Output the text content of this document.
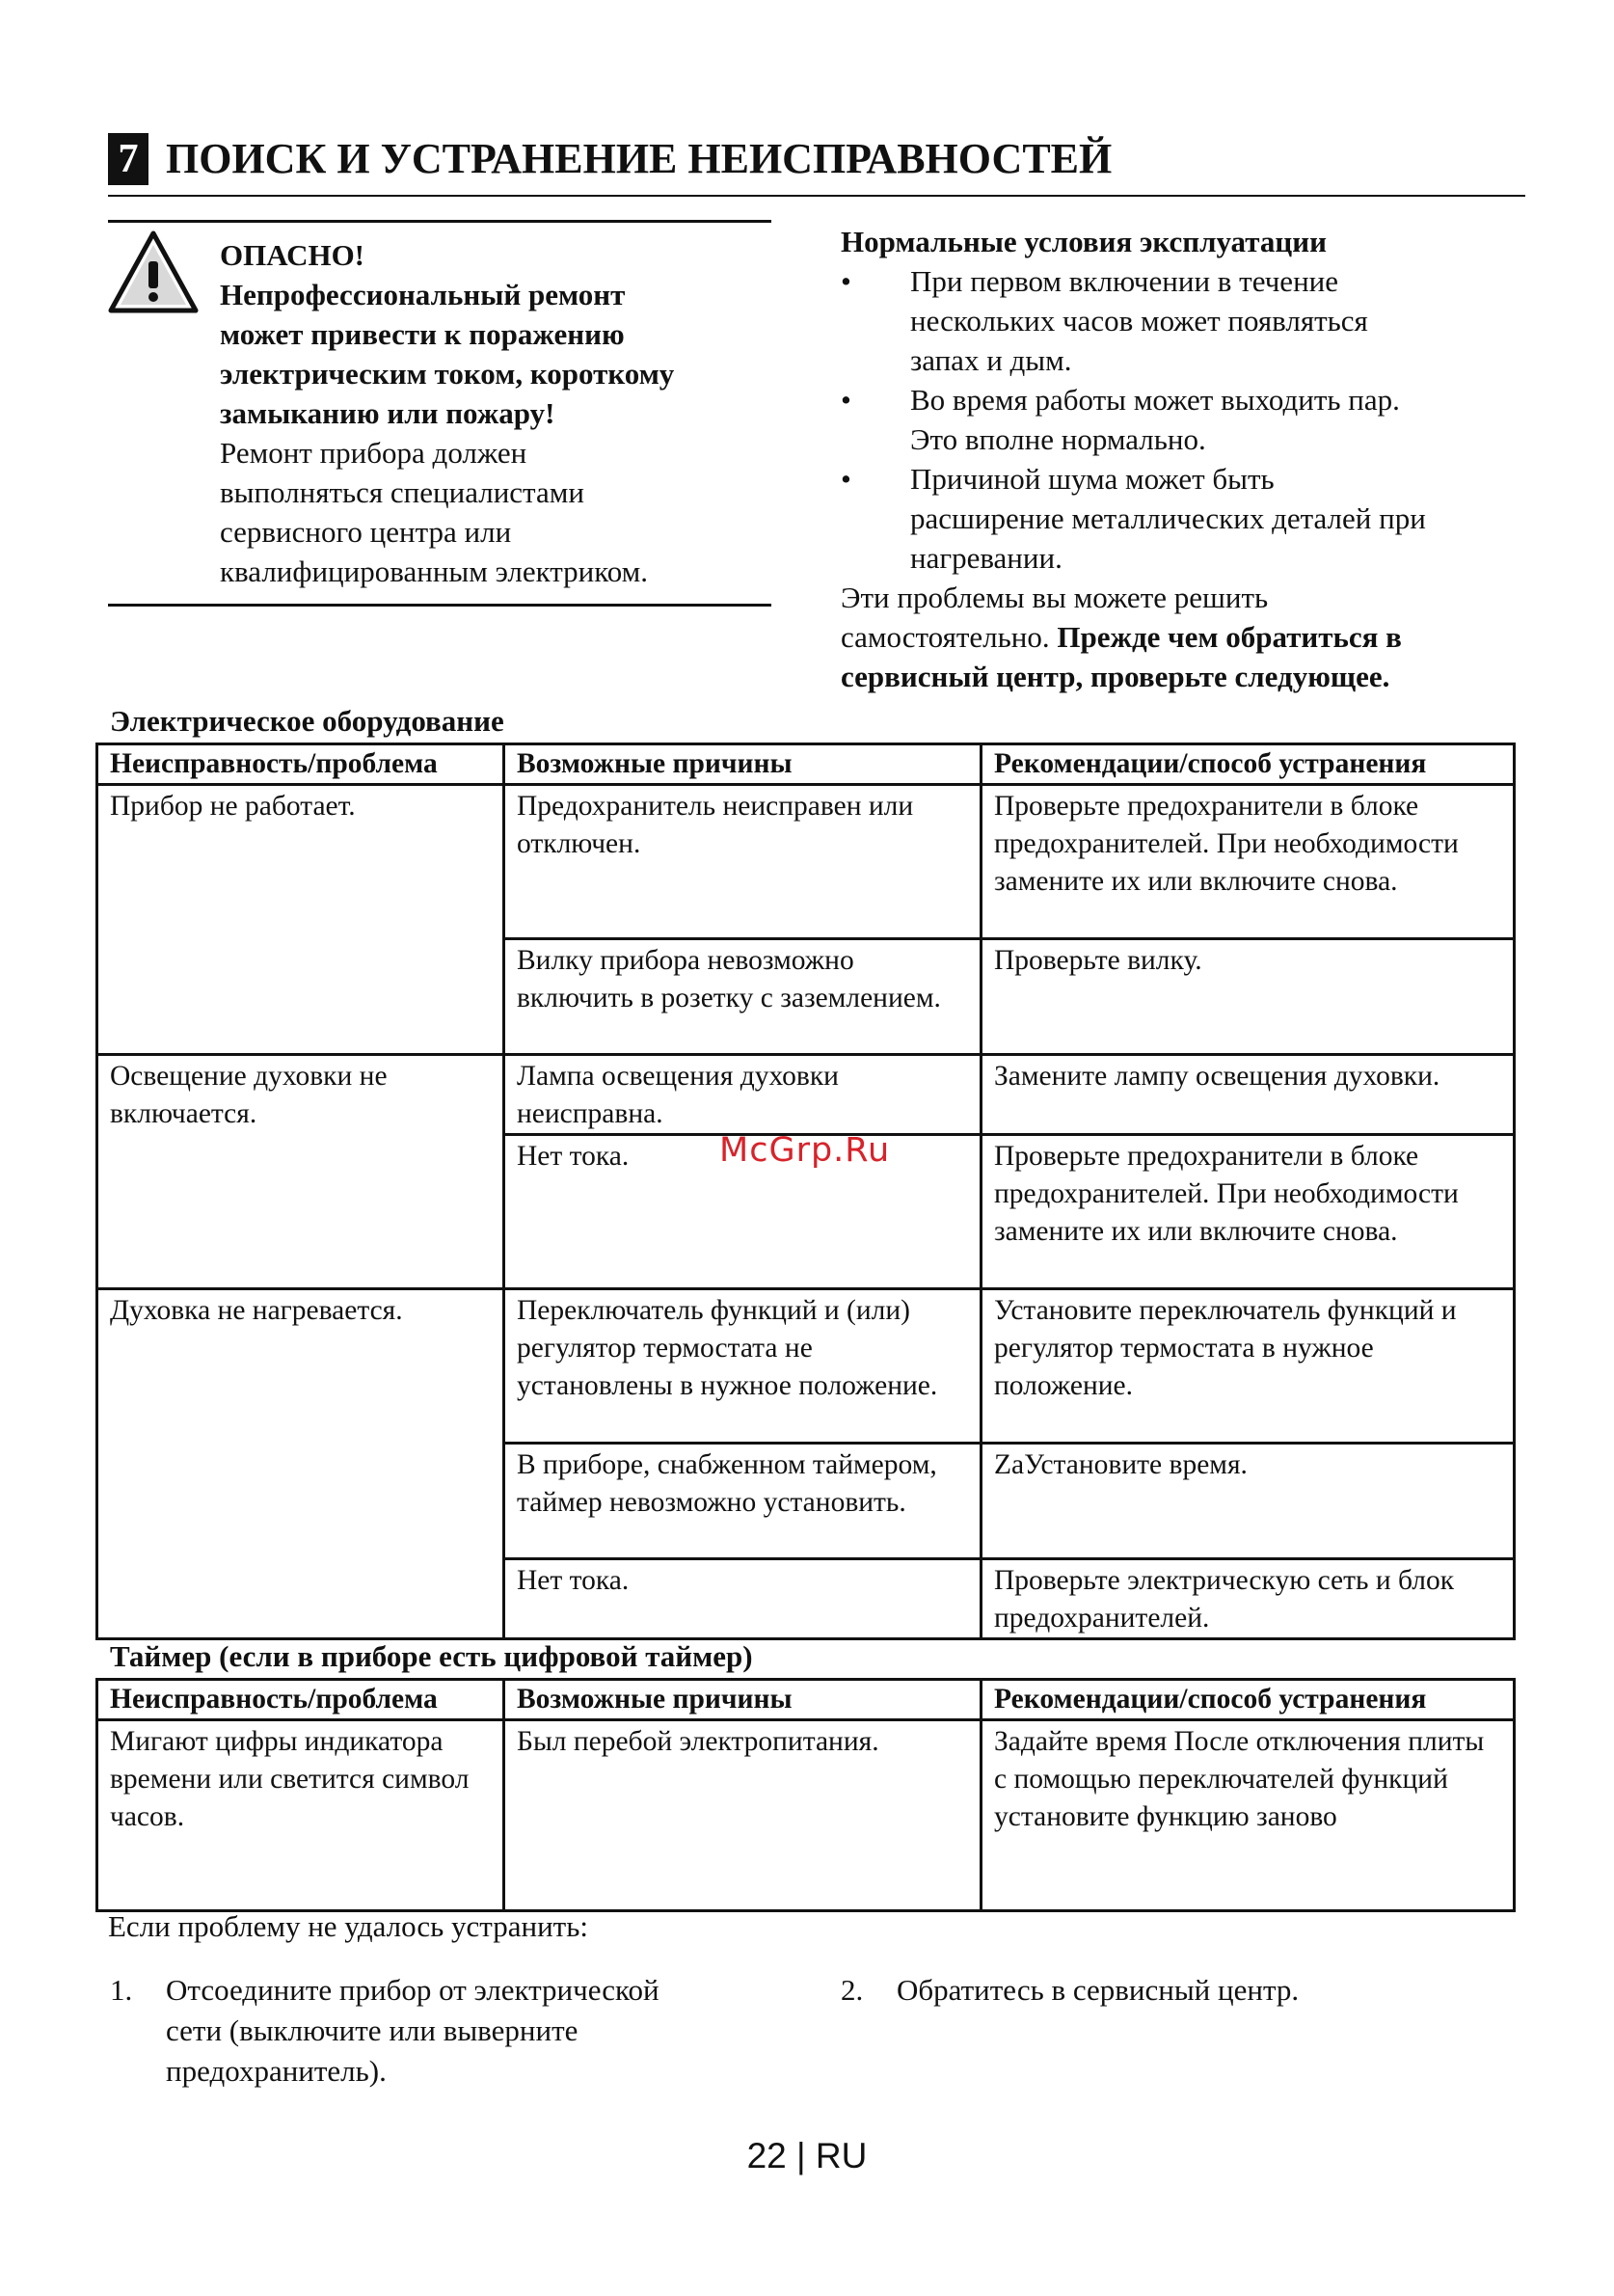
7 ПОИСК И УСТРАНЕНИЕ НЕИСПРАВНОСТЕЙ
ОПАСНО!
Непрофессиональный ремонт
может привести к поражению
электрическим током, короткому
замыканию или пожару!
Ремонт прибора должен
выполняться специалистами
сервисного центра или
квалифицированным электриком.
Нормальные условия эксплуатации
• При первом включении в течение
нескольких часов может появляться
запах и дым.
• Во время работы может выходить пар.
Это вполне нормально.
• Причиной шума может быть
расширение металлических деталей при
нагревании.
Эти проблемы вы можете решить
самостоятельно. Прежде чем обратиться в
сервисный центр, проверьте следующее.
Электрическое оборудование
Неисправность/проблема	Возможные причины	Рекомендации/способ устранения
Прибор не работает.	Предохранитель неисправен или отключен.	Проверьте предохранители в блоке предохранителей. При необходимости замените их или включите снова.
	Вилку прибора невозможно включить в розетку с заземлением.	Проверьте вилку.
Освещение духовки не включается.	Лампа освещения духовки неисправна.	Замените лампу освещения духовки.
	Нет тока.	Проверьте предохранители в блоке предохранителей. При необходимости замените их или включите снова.
Духовка не нагревается.	Переключатель функций и (или) регулятор термостата не установлены в нужное положение.	Установите переключатель функций и регулятор термостата в нужное положение.
	В приборе, снабженном таймером, таймер невозможно установить.	ZaУстановите время.
	Нет тока.	Проверьте электрическую сеть и блок предохранителей.
McGrp.Ru
Таймер (если в приборе есть цифровой таймер)
Неисправность/проблема	Возможные причины	Рекомендации/способ устранения
Мигают цифры индикатора времени или светится символ часов.	Был перебой электропитания.	Задайте время После отключения плиты с помощью переключателей функций установите функцию заново
Если проблему не удалось устранить:
1. Отсоедините прибор от электрической
сети (выключите или выверните
предохранитель).
2. Обратитесь в сервисный центр.
22 | RU
